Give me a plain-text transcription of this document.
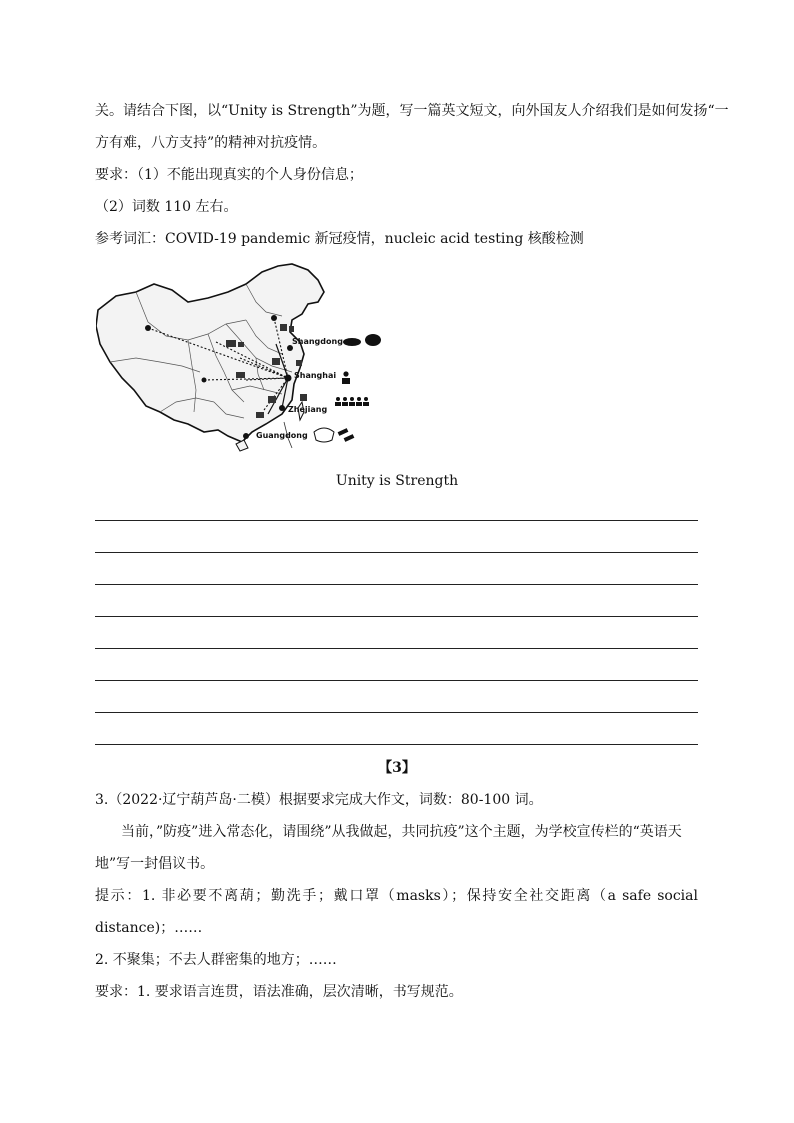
关。请结合下图，以“Unity is Strength”为题，写一篇英文短文，向外国友人介绍我们是如何发扬“一
方有难，八方支持”的精神对抗疫情。
要求：（1）不能出现真实的个人身份信息；
（2）词数 110 左右。
参考词汇：COVID-19 pandemic 新冠疫情，nucleic acid testing 核酸检测
Shangdong
Shanghai
Zhejiang
Guangdong
Unity is Strength
【3】
3.（2022·辽宁葫芦岛·二模）根据要求完成大作文，词数：80-100 词。
当前，”防疫”进入常态化，请围绕”从我做起，共同抗疫”这个主题，为学校宣传栏的“英语天
地”写一封倡议书。
提示：1. 非必要不离葫；勤洗手；戴口罩（masks）；保持安全社交距离（a safe social
distance)；……
2. 不聚集；不去人群密集的地方；……
要求：1. 要求语言连贯，语法准确，层次清晰，书写规范。
